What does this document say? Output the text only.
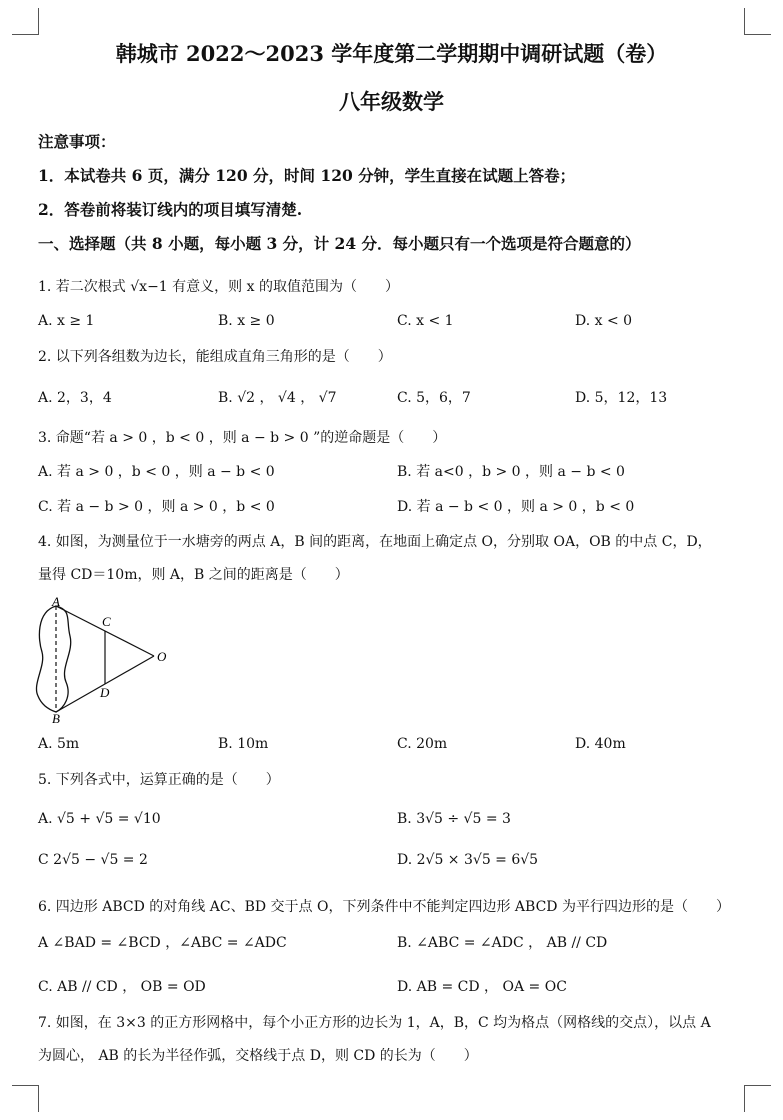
韩城市 2022～2023 学年度第二学期期中调研试题（卷）
八年级数学
注意事项：
1．本试卷共 6 页，满分 120 分，时间 120 分钟，学生直接在试题上答卷；
2．答卷前将装订线内的项目填写清楚.
一、选择题（共 8 小题，每小题 3 分，计 24 分．每小题只有一个选项是符合题意的）
1. 若二次根式 √x−1 有意义，则 x 的取值范围为（　　）
A. x ≥ 1	B. x ≥ 0	C. x < 1	D. x < 0
2. 以下列各组数为边长，能组成直角三角形的是（　　）
A. 2，3，4	B. √2 ， √4 ， √7	C. 5，6，7	D. 5，12，13
3. 命题“若 a > 0 ，b < 0 ，则 a − b > 0 ”的逆命题是（　　）
A. 若 a > 0 ，b < 0 ，则 a − b < 0	B. 若 a<0 ，b > 0 ，则 a − b < 0
C. 若 a − b > 0 ，则 a > 0 ，b < 0	D. 若 a − b < 0 ，则 a > 0 ，b < 0
4. 如图，为测量位于一水塘旁的两点 A，B 间的距离，在地面上确定点 O，分别取 OA，OB 的中点 C，D，
量得 CD＝10m，则 A，B 之间的距离是（　　）
A
B
C
D
O
A. 5m	B. 10m	C. 20m	D. 40m
5. 下列各式中，运算正确的是（　　）
A. √5 + √5 = √10	B. 3√5 ÷ √5 = 3
C 2√5 − √5 = 2	D. 2√5 × 3√5 = 6√5
6. 四边形 ABCD 的对角线 AC、BD 交于点 O，下列条件中不能判定四边形 ABCD 为平行四边形的是（　　）
A ∠BAD = ∠BCD ，∠ABC = ∠ADC	B. ∠ABC = ∠ADC ， AB // CD
C. AB // CD ， OB = OD	D. AB = CD ， OA = OC
7. 如图，在 3×3 的正方形网格中，每个小正方形的边长为 1，A，B，C 均为格点（网格线的交点），以点 A
为圆心， AB 的长为半径作弧，交格线于点 D，则 CD 的长为（　　）
